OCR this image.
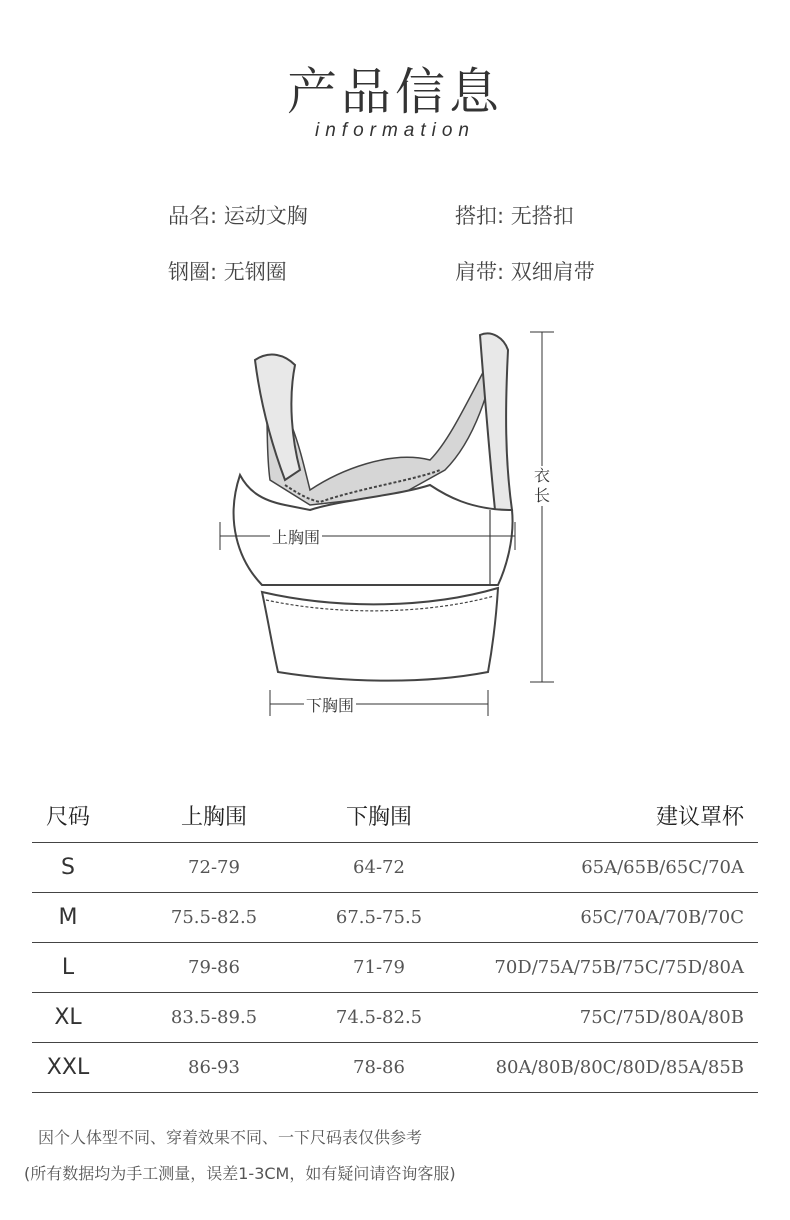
产品信息
information
品名: 运动文胸	搭扣: 无搭扣
钢圈: 无钢圈	肩带: 双细肩带
上胸围
下胸围
衣长
尺码	上胸围	下胸围	建议罩杯
S	72-79	64-72	65A/65B/65C/70A
M	75.5-82.5	67.5-75.5	65C/70A/70B/70C
L	79-86	71-79	70D/75A/75B/75C/75D/80A
XL	83.5-89.5	74.5-82.5	75C/75D/80A/80B
XXL	86-93	78-86	80A/80B/80C/80D/85A/85B
因个人体型不同、穿着效果不同、一下尺码表仅供参考
(所有数据均为手工测量，误差1-3CM，如有疑问请咨询客服)
